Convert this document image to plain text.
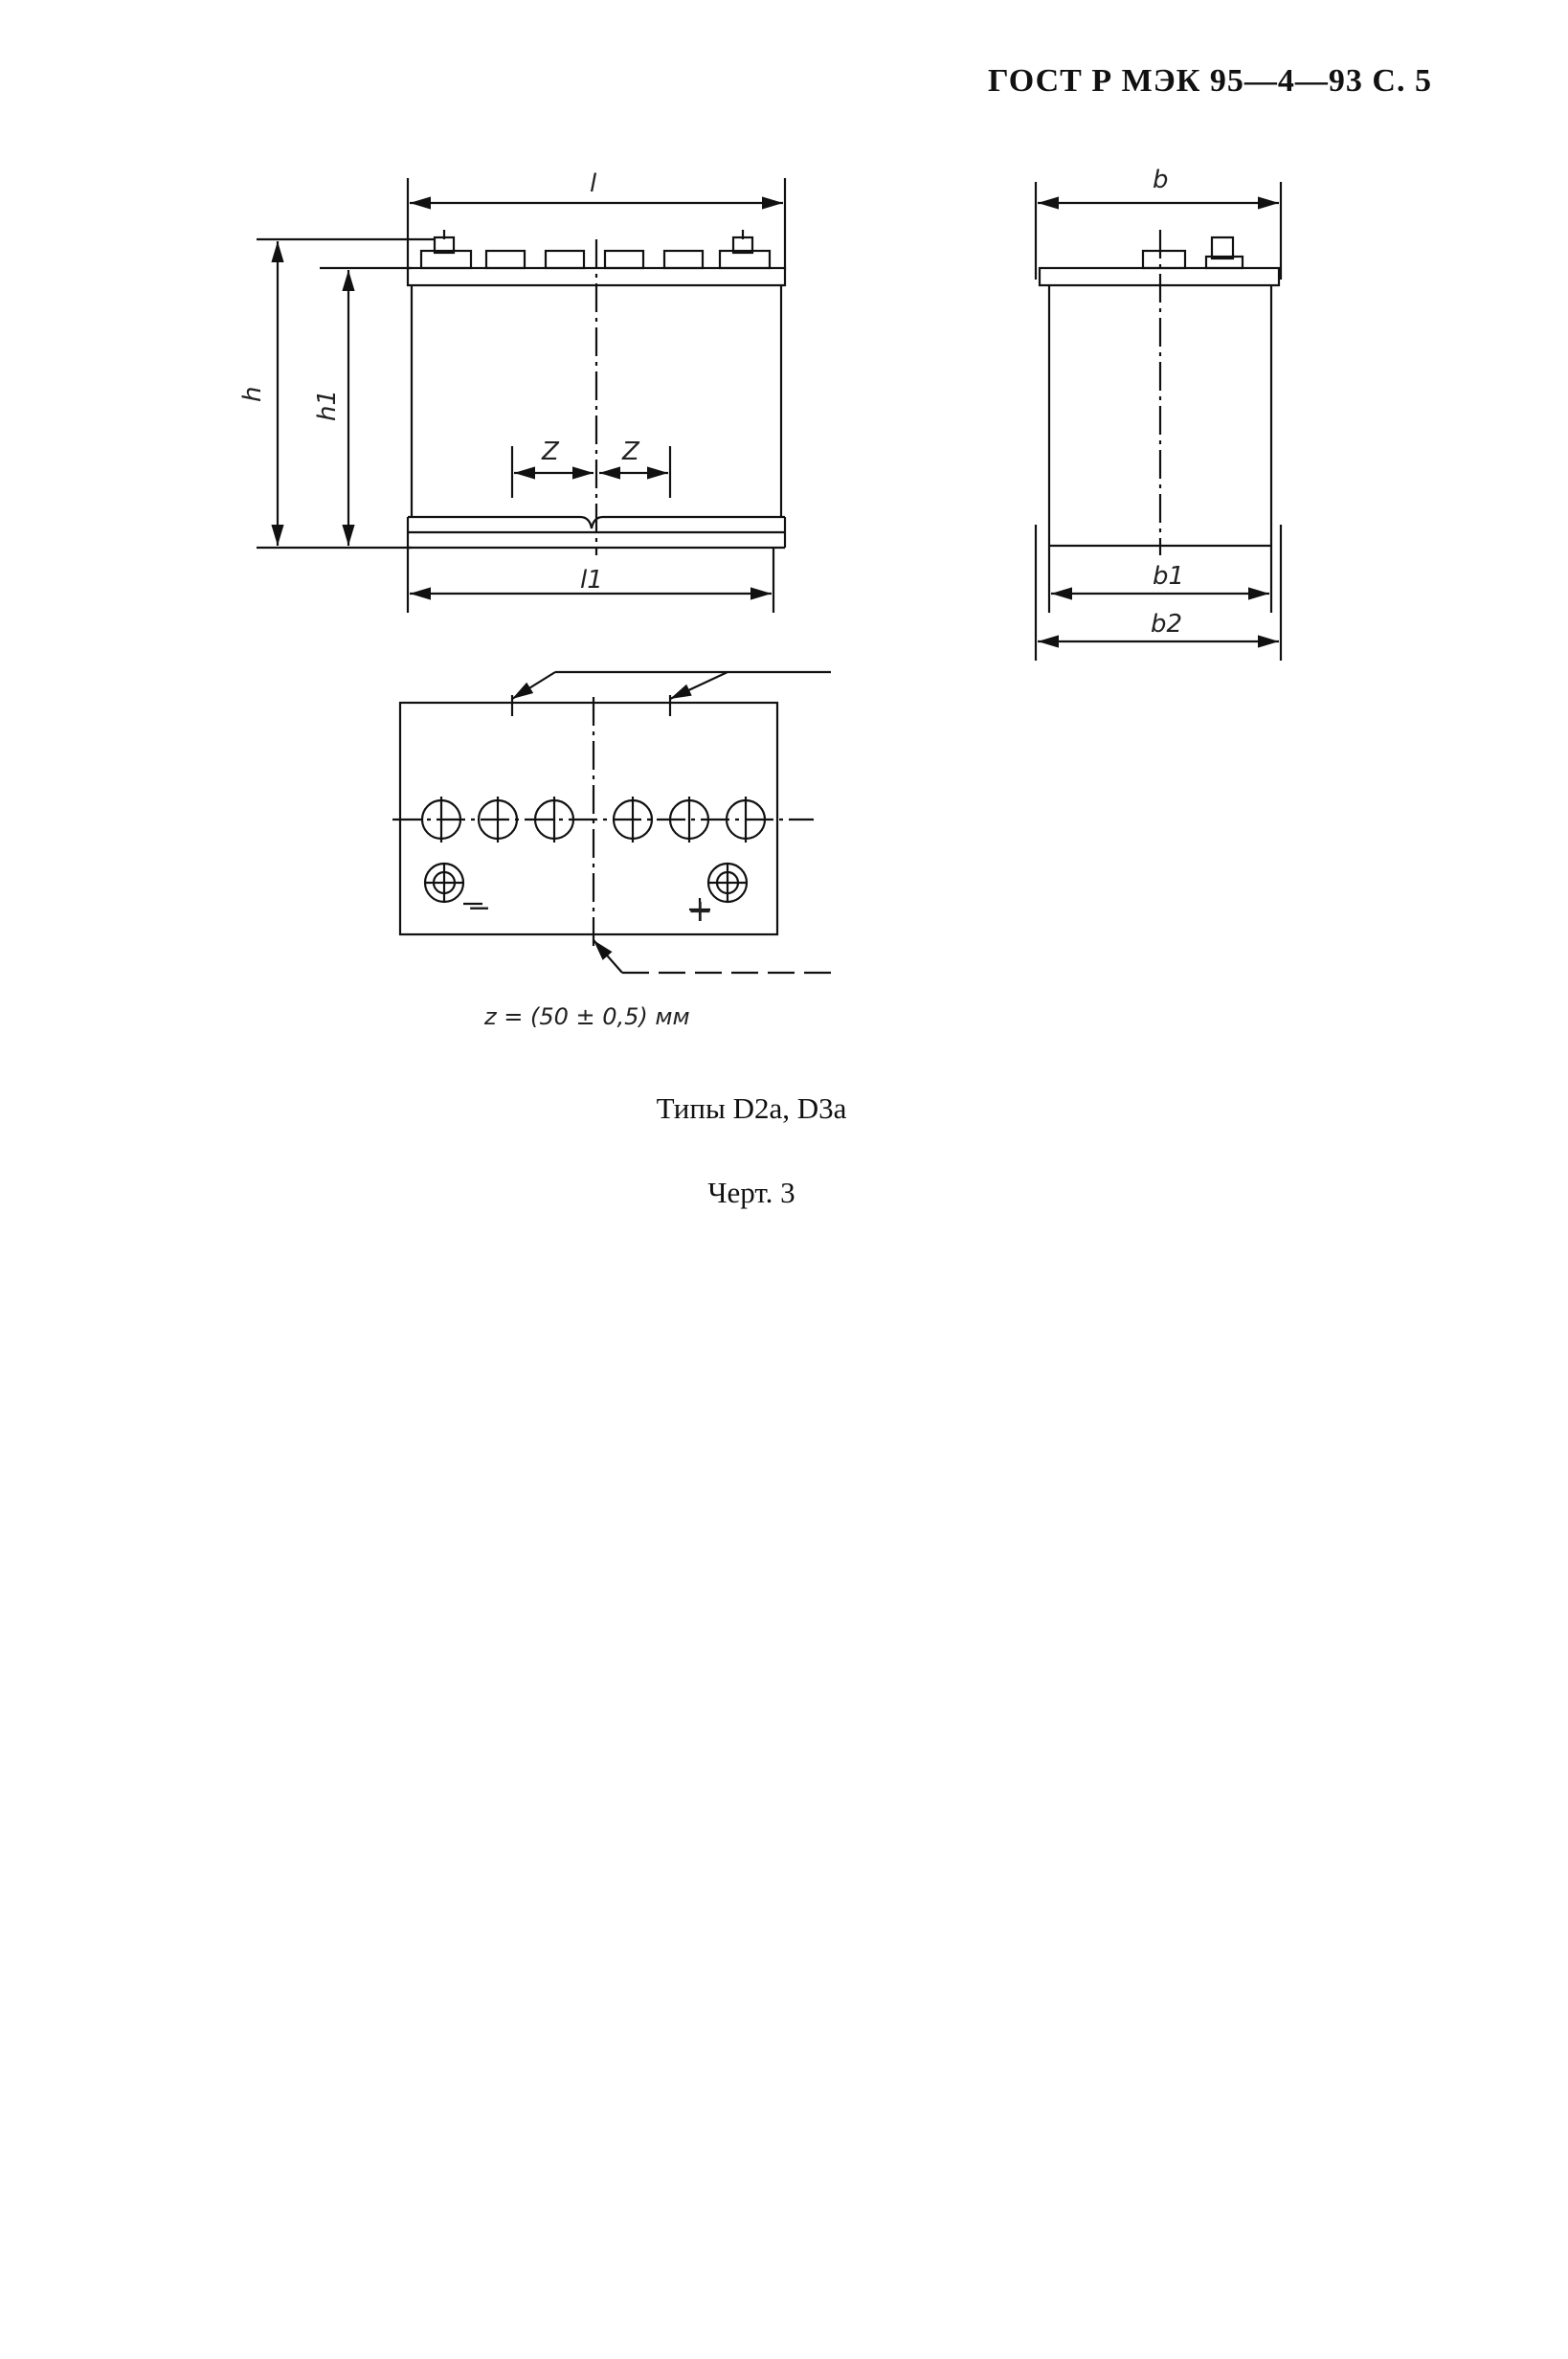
ГОСТ Р МЭК 95—4—93 С. 5
l	b
h h1
Z	Z
l1	b1
b2
−	+
z = (50 ± 0,5) мм
Типы D2a, D3a
Черт. 3
